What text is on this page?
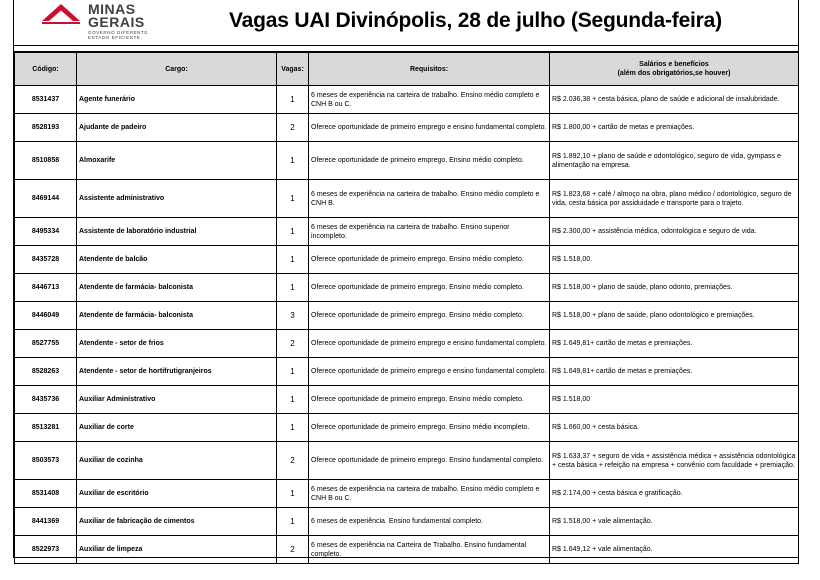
MINAS
GERAIS
GOVERNO DIFERENTE.
ESTADO EFICIENTE.
Vagas UAI Divinópolis, 28 de julho (Segunda-feira)
Código:	Cargo:	Vagas:	Requisitos:	Salários e benefícios
(além dos obrigatórios,se houver)
8531437	Agente funerário	1	6 meses de experiência na carteira de trabalho. Ensino médio completo e CNH B ou C.	R$ 2.036,38 + cesta básica, plano de saúde e adicional de insalubridade.
8528193	Ajudante de padeiro	2	Oferece oportunidade de primeiro emprego e ensino fundamental completo.	R$ 1.800,00 + cartão de metas e premiações.
8510858	Almoxarife	1	Oferece oportunidade de primeiro emprego. Ensino médio completo.	R$ 1.892,10 + plano de saúde e odontológico, seguro de vida, gympass e alimentação na empresa.
8469144	Assistente administrativo	1	6 meses de experiência na carteira de trabalho. Ensino médio completo e CNH B.	R$ 1.823,68 + café / almoço na obra, plano médico / odontológico, seguro de vida, cesta básica por assiduidade e transporte para o trajeto.
8495334	Assistente de laboratório industrial	1	6 meses de experiência na carteira de trabalho. Ensino superior incompleto.	R$ 2.300,00 + assistência médica, odontológica e seguro de vida.
8435728	Atendente de balcão	1	Oferece oportunidade de primeiro emprego. Ensino médio completo.	R$ 1.518,00.
8446713	Atendente de farmácia- balconista	1	Oferece oportunidade de primeiro emprego. Ensino médio completo.	R$ 1.518,00 + plano de saúde, plano odonto, premiações.
8446049	Atendente de farmácia- balconista	3	Oferece oportunidade de primeiro emprego. Ensino médio completo.	R$ 1.518,00 + plano de saúde, plano odontológico e premiações.
8527755	Atendente - setor de frios	2	Oferece oportunidade de primeiro emprego e ensino fundamental completo.	R$ 1.649,81+ cartão de metas e premiações.
8528263	Atendente - setor de hortifrutigranjeiros	1	Oferece oportunidade de primeiro emprego e ensino fundamental completo.	R$ 1.649,81+ cartão de metas e premiações.
8435736	Auxiliar Administrativo	1	Oferece oportunidade de primeiro emprego. Ensino médio completo.	R$ 1.518,00
8513281	Auxiliar de corte	1	Oferece oportunidade de primeiro emprego. Ensino médio incompleto.	R$ 1.660,00 + cesta básica.
8503573	Auxiliar de cozinha	2	Oferece oportunidade de primeiro emprego. Ensino fundamental completo.	R$ 1.633,37 + seguro de vida + assistência médica + assistência odontológica + cesta básica + refeição na empresa + convênio com faculdade + premiação.
8531408	Auxiliar de escritório	1	6 meses de experiência na carteira de trabalho. Ensino médio completo e CNH B ou C.	R$ 2.174,00 + cesta básica e gratificação.
8441369	Auxiliar de fabricação de cimentos	1	6 meses de experiência. Ensino fundamental completo.	R$ 1.518,00 + vale alimentação.
8522973	Auxiliar de limpeza	2	6 meses de experiência na Carteira de Trabalho. Ensino fundamental completo.	R$ 1.649,12 + vale alimentação.
